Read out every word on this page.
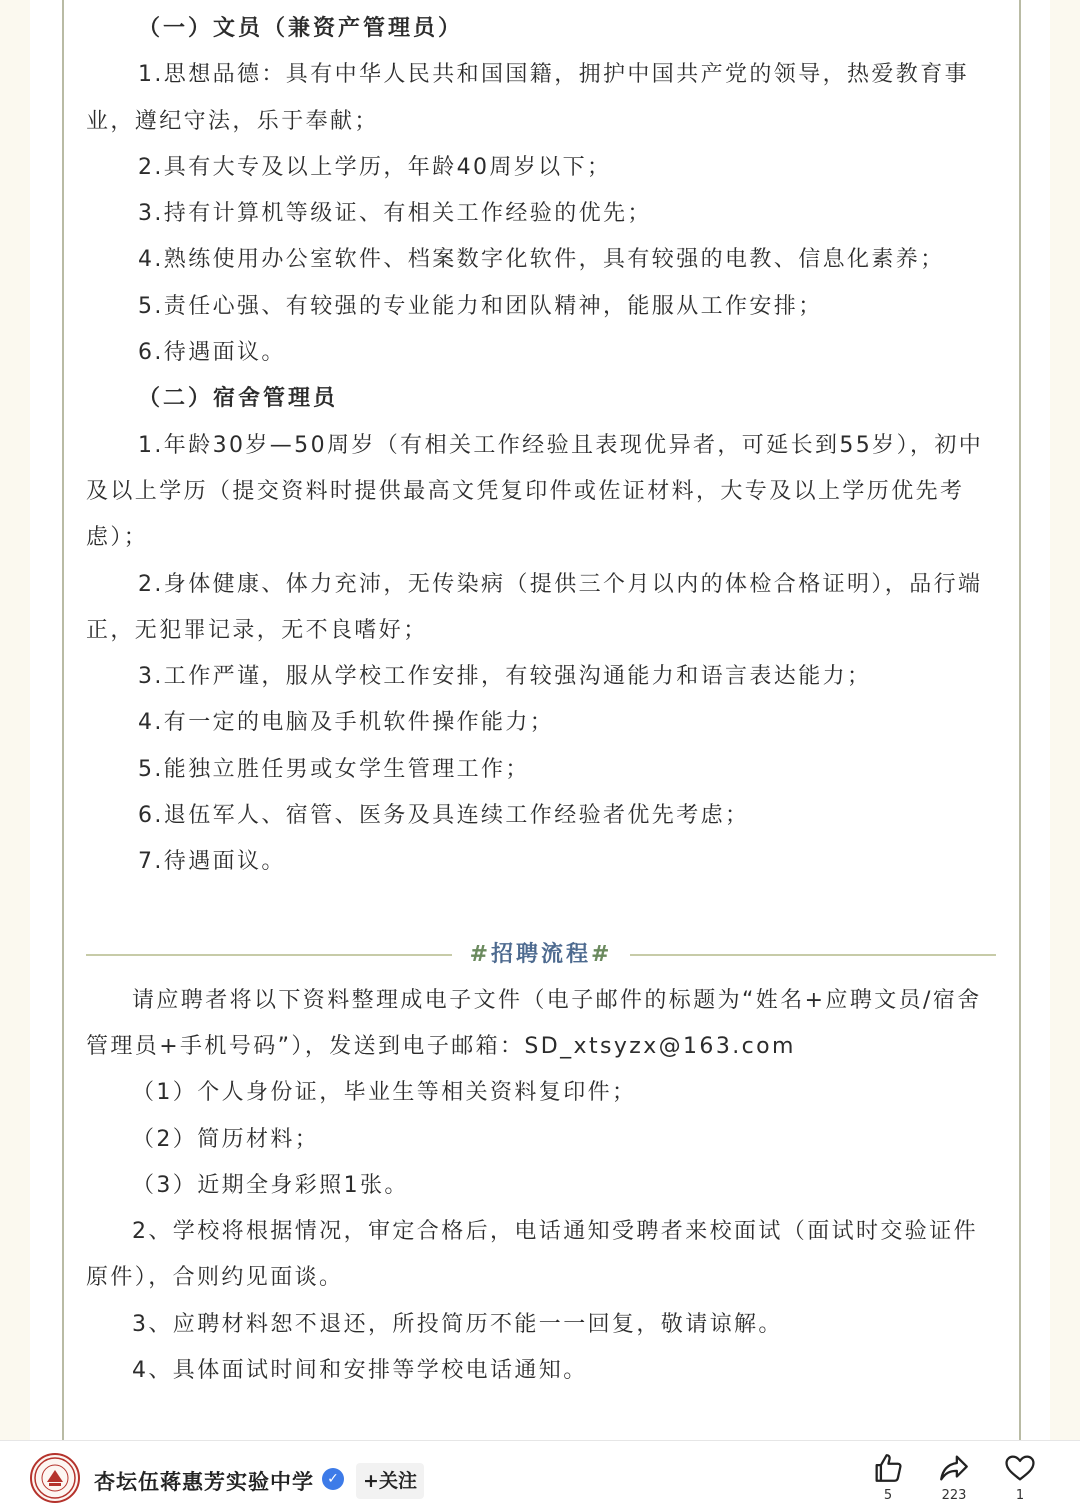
（一）文员（兼资产管理员）

1.思想品德：具有中华人民共和国国籍，拥护中国共产党的领导，热爱教育事业，遵纪守法，乐于奉献；

2.具有大专及以上学历，年龄40周岁以下；

3.持有计算机等级证、有相关工作经验的优先；

4.熟练使用办公室软件、档案数字化软件，具有较强的电教、信息化素养；

5.责任心强、有较强的专业能力和团队精神，能服从工作安排；

6.待遇面议。

（二）宿舍管理员

1.年龄30岁—50周岁（有相关工作经验且表现优异者，可延长到55岁），初中及以上学历（提交资料时提供最高文凭复印件或佐证材料，大专及以上学历优先考虑）；

2.身体健康、体力充沛，无传染病（提供三个月以内的体检合格证明），品行端正，无犯罪记录，无不良嗜好；

3.工作严谨，服从学校工作安排，有较强沟通能力和语言表达能力；

4.有一定的电脑及手机软件操作能力；

5.能独立胜任男或女学生管理工作；

6.退伍军人、宿管、医务及具连续工作经验者优先考虑；

7.待遇面议。

#招聘流程#

请应聘者将以下资料整理成电子文件（电子邮件的标题为“姓名+应聘文员/宿舍管理员+手机号码”），发送到电子邮箱：SD_xtsyzx@163.com

（1）个人身份证，毕业生等相关资料复印件；

（2）简历材料；

（3）近期全身彩照1张。

2、学校将根据情况，审定合格后，电话通知受聘者来校面试（面试时交验证件原件），合则约见面谈。

3、应聘材料恕不退还，所投简历不能一一回复，敬请谅解。

4、具体面试时间和安排等学校电话通知。

杏坛伍蒋惠芳实验中学 ✓	+关注
5	223	1
